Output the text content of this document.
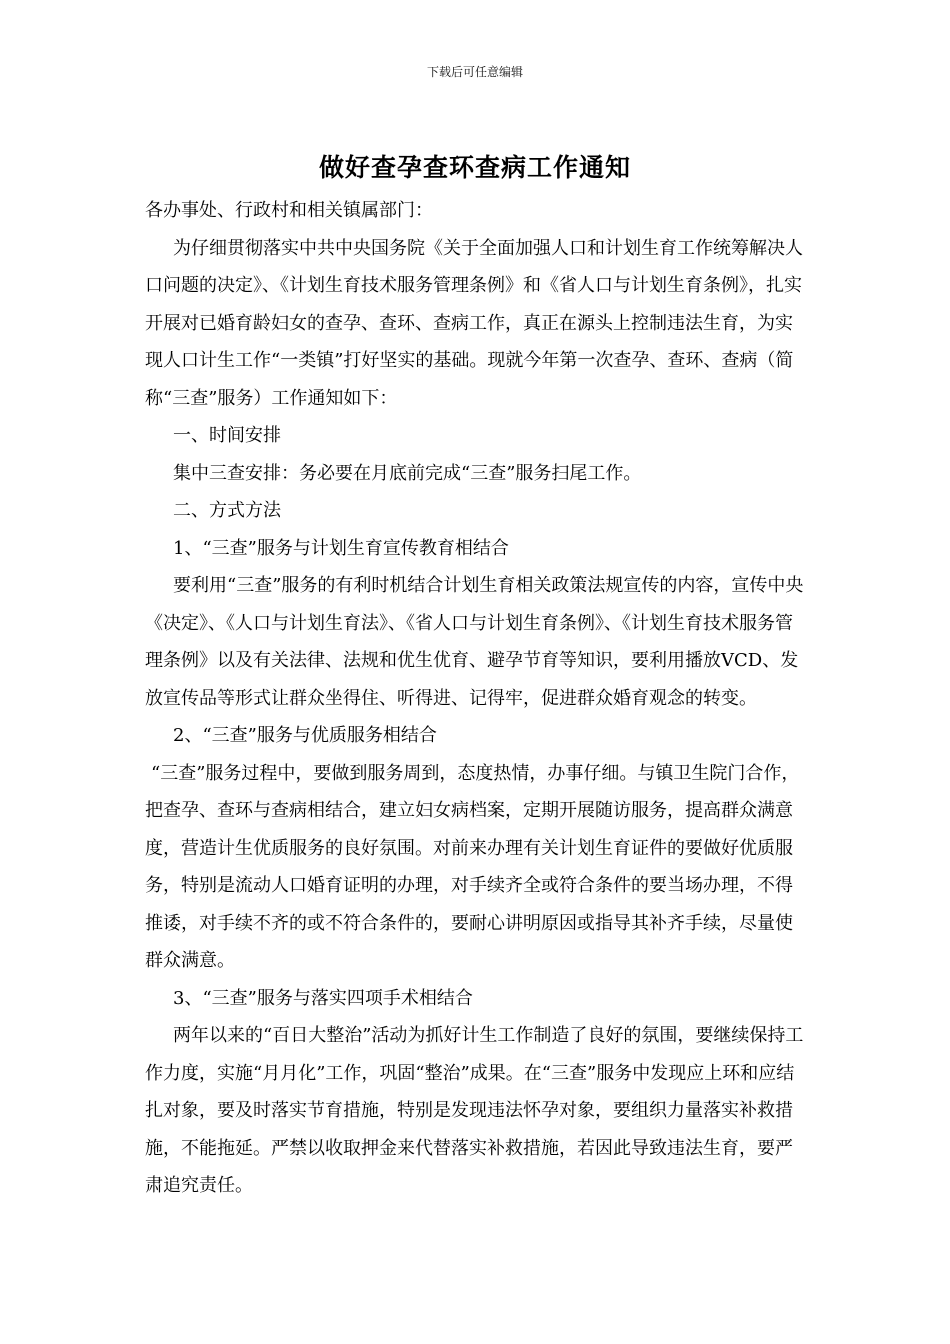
下载后可任意编辑
做好查孕查环查病工作通知

各办事处、行政村和相关镇属部门：

为仔细贯彻落实中共中央国务院《关于全面加强人口和计划生育工作统筹解决人口问题的决定》、《计划生育技术服务管理条例》和《省人口与计划生育条例》，扎实开展对已婚育龄妇女的查孕、查环、查病工作，真正在源头上控制违法生育，为实现人口计生工作“一类镇”打好坚实的基础。现就今年第一次查孕、查环、查病（简称“三查”服务）工作通知如下：

一、时间安排

集中三查安排：务必要在月底前完成“三查”服务扫尾工作。

二、方式方法

1、“三查”服务与计划生育宣传教育相结合

要利用“三查”服务的有利时机结合计划生育相关政策法规宣传的内容，宣传中央《决定》、《人口与计划生育法》、《省人口与计划生育条例》、《计划生育技术服务管理条例》以及有关法律、法规和优生优育、避孕节育等知识，要利用播放VCD、发放宣传品等形式让群众坐得住、听得进、记得牢，促进群众婚育观念的转变。

2、“三查”服务与优质服务相结合

“三查”服务过程中，要做到服务周到，态度热情，办事仔细。与镇卫生院门合作，把查孕、查环与查病相结合，建立妇女病档案，定期开展随访服务，提高群众满意度，营造计生优质服务的良好氛围。对前来办理有关计划生育证件的要做好优质服务，特别是流动人口婚育证明的办理，对手续齐全或符合条件的要当场办理，不得推诿，对手续不齐的或不符合条件的，要耐心讲明原因或指导其补齐手续，尽量使群众满意。

3、“三查”服务与落实四项手术相结合

两年以来的“百日大整治”活动为抓好计生工作制造了良好的氛围，要继续保持工作力度，实施“月月化”工作，巩固“整治”成果。在“三查”服务中发现应上环和应结扎对象，要及时落实节育措施，特别是发现违法怀孕对象，要组织力量落实补救措施，不能拖延。严禁以收取押金来代替落实补救措施，若因此导致违法生育，要严肃追究责任。
